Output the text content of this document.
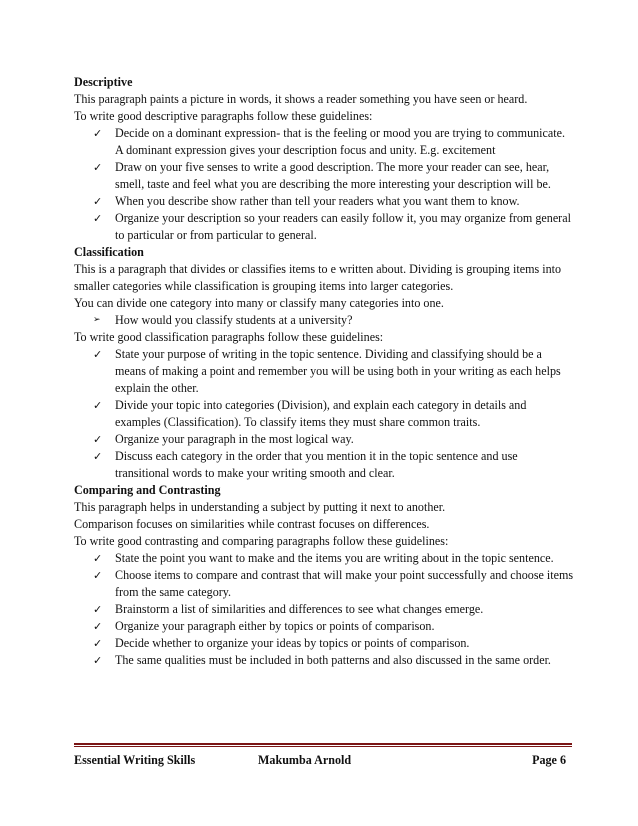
Descriptive
This paragraph paints a picture in words, it shows a reader something you have seen or heard.
To write good descriptive paragraphs follow these guidelines:
✓	Decide on a dominant expression- that is the feeling or mood you are trying to communicate. A dominant expression gives your description focus and unity. E.g. excitement
✓	Draw on your five senses to write a good description. The more your reader can see, hear, smell, taste and feel what you are describing the more interesting your description will be.
✓	When you describe show rather than tell your readers what you want them to know.
✓	Organize your description so your readers can easily follow it, you may organize from general to particular or from particular to general.
Classification
This is a paragraph that divides or classifies items to e written about. Dividing is grouping items into smaller categories while classification is grouping items into larger categories.
You can divide one category into many or classify many categories into one.
➢	How would you classify students at a university?
To write good classification paragraphs follow these guidelines:
✓	State your purpose of writing in the topic sentence. Dividing and classifying should be a means of making a point and remember you will be using both in your writing as each helps explain the other.
✓	Divide your topic into categories (Division), and explain each category in details and examples (Classification). To classify items they must share common traits.
✓	Organize your paragraph in the most logical way.
✓	Discuss each category in the order that you mention it in the topic sentence and use transitional words to make your writing smooth and clear.
Comparing and Contrasting
This paragraph helps in understanding a subject by putting it next to another.
Comparison focuses on similarities while contrast focuses on differences.
To write good contrasting and comparing paragraphs follow these guidelines:
✓	State the point you want to make and the items you are writing about in the topic sentence.
✓	Choose items to compare and contrast that will make your point successfully and choose items from the same category.
✓	Brainstorm a list of similarities and differences to see what changes emerge.
✓	Organize your paragraph either by topics or points of comparison.
✓	Decide whether to organize your ideas by topics or points of comparison.
✓	The same qualities must be included in both patterns and also discussed in the same order.
Essential Writing Skills	Makumba Arnold	Page 6
